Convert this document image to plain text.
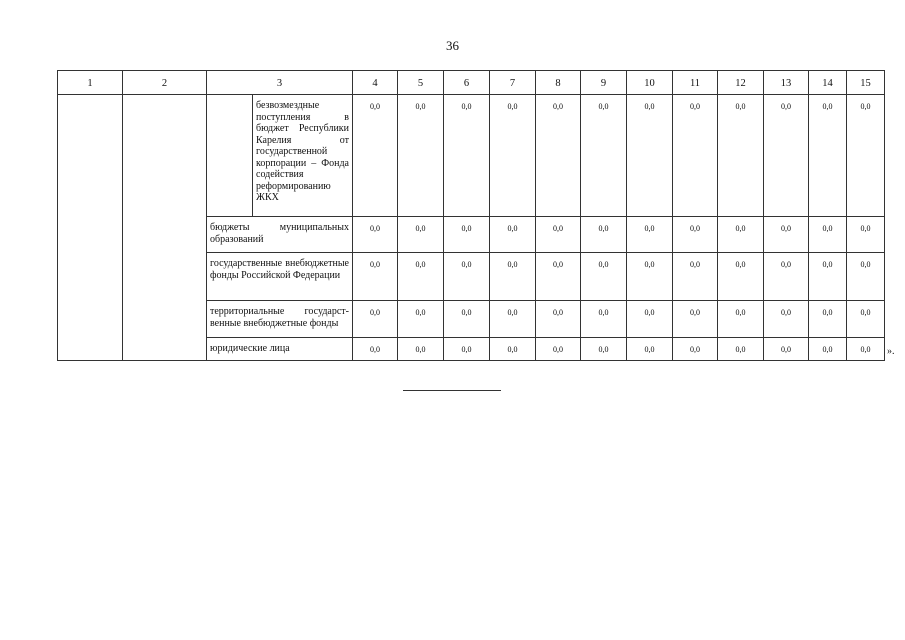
36
1	2	3		4	5	6	7	8	9	10	11	12	13	14	15
			безвозмездные поступления в бюджет Республики Карелия от государственной корпорации – Фонда содействия реформированию ЖКХ	0,0	0,0	0,0	0,0	0,0	0,0	0,0	0,0	0,0	0,0	0,0	0,0
		бюджеты муниципальных образований		0,0	0,0	0,0	0,0	0,0	0,0	0,0	0,0	0,0	0,0	0,0	0,0
		государственные внебюджетные фонды Российской Федерации		0,0	0,0	0,0	0,0	0,0	0,0	0,0	0,0	0,0	0,0	0,0	0,0
		территориальные государст-венные внебюджетные фонды		0,0	0,0	0,0	0,0	0,0	0,0	0,0	0,0	0,0	0,0	0,0	0,0
		юридические лица		0,0	0,0	0,0	0,0	0,0	0,0	0,0	0,0	0,0	0,0	0,0	0,0 ».
